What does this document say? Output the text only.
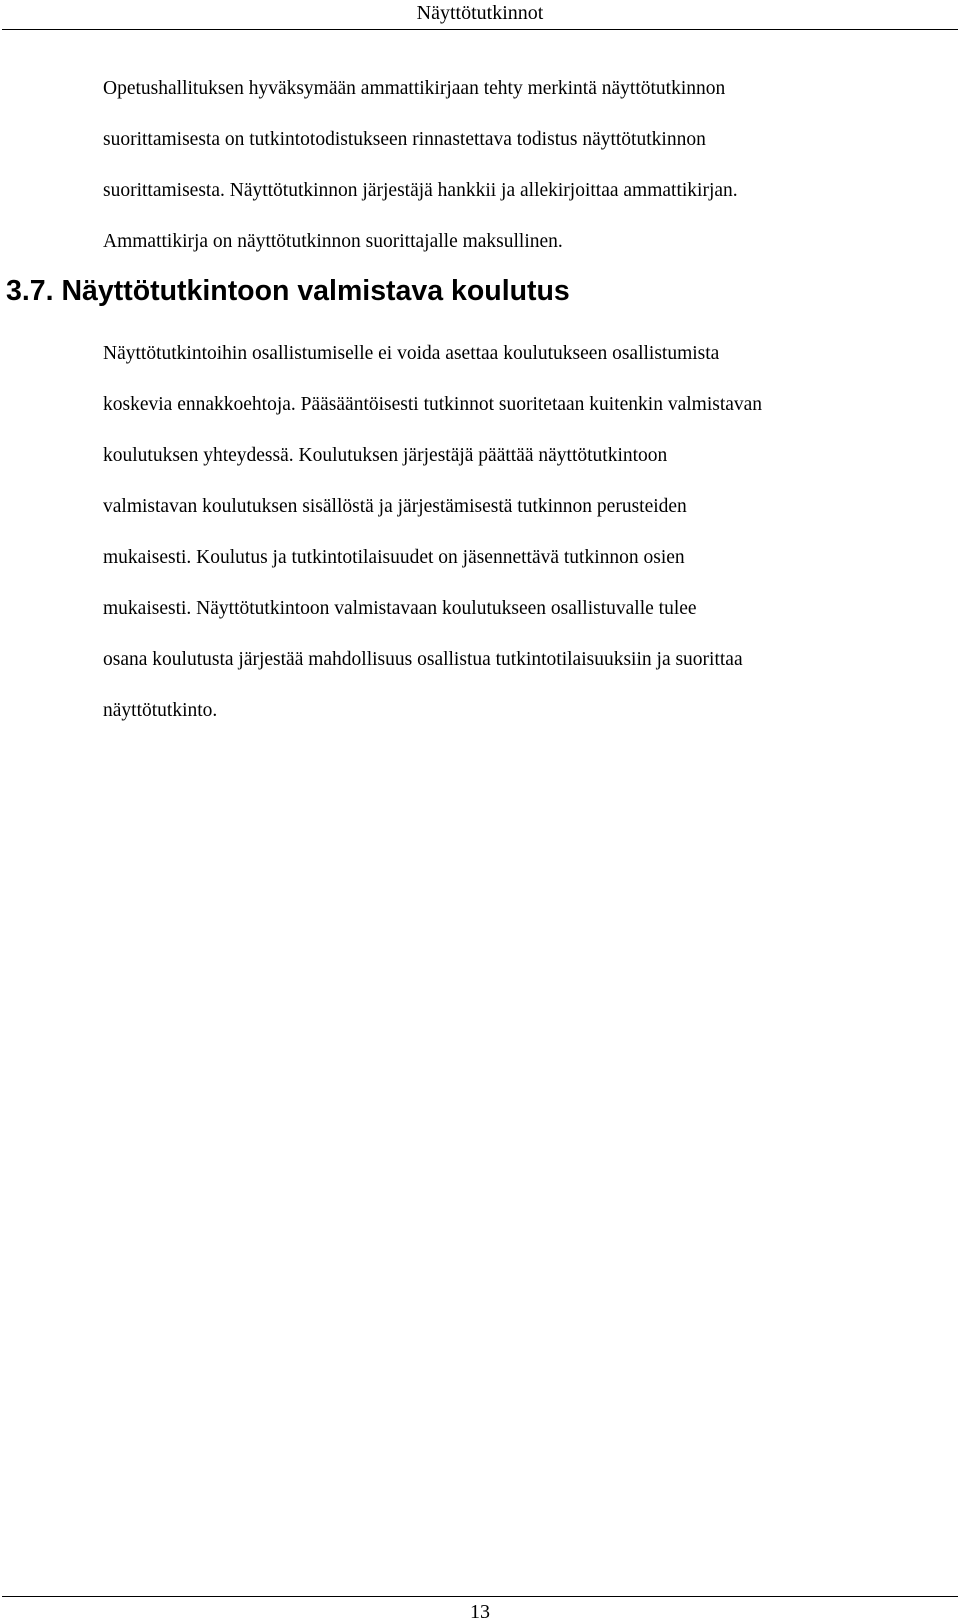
Näyttötutkinnot

Opetushallituksen hyväksymään ammattikirjaan tehty merkintä näyttötutkinnon
suorittamisesta on tutkintotodistukseen rinnastettava todistus näyttötutkinnon
suorittamisesta. Näyttötutkinnon järjestäjä hankkii ja allekirjoittaa ammattikirjan.
Ammattikirja on näyttötutkinnon suorittajalle maksullinen.

3.7. Näyttötutkintoon valmistava koulutus

Näyttötutkintoihin osallistumiselle ei voida asettaa koulutukseen osallistumista
koskevia ennakkoehtoja. Pääsääntöisesti tutkinnot suoritetaan kuitenkin valmistavan
koulutuksen yhteydessä. Koulutuksen järjestäjä päättää näyttötutkintoon
valmistavan koulutuksen sisällöstä ja järjestämisestä tutkinnon perusteiden
mukaisesti. Koulutus ja tutkintotilaisuudet on jäsennettävä tutkinnon osien
mukaisesti. Näyttötutkintoon valmistavaan koulutukseen osallistuvalle tulee
osana koulutusta järjestää mahdollisuus osallistua tutkintotilaisuuksiin ja suorittaa
näyttötutkinto.

13
